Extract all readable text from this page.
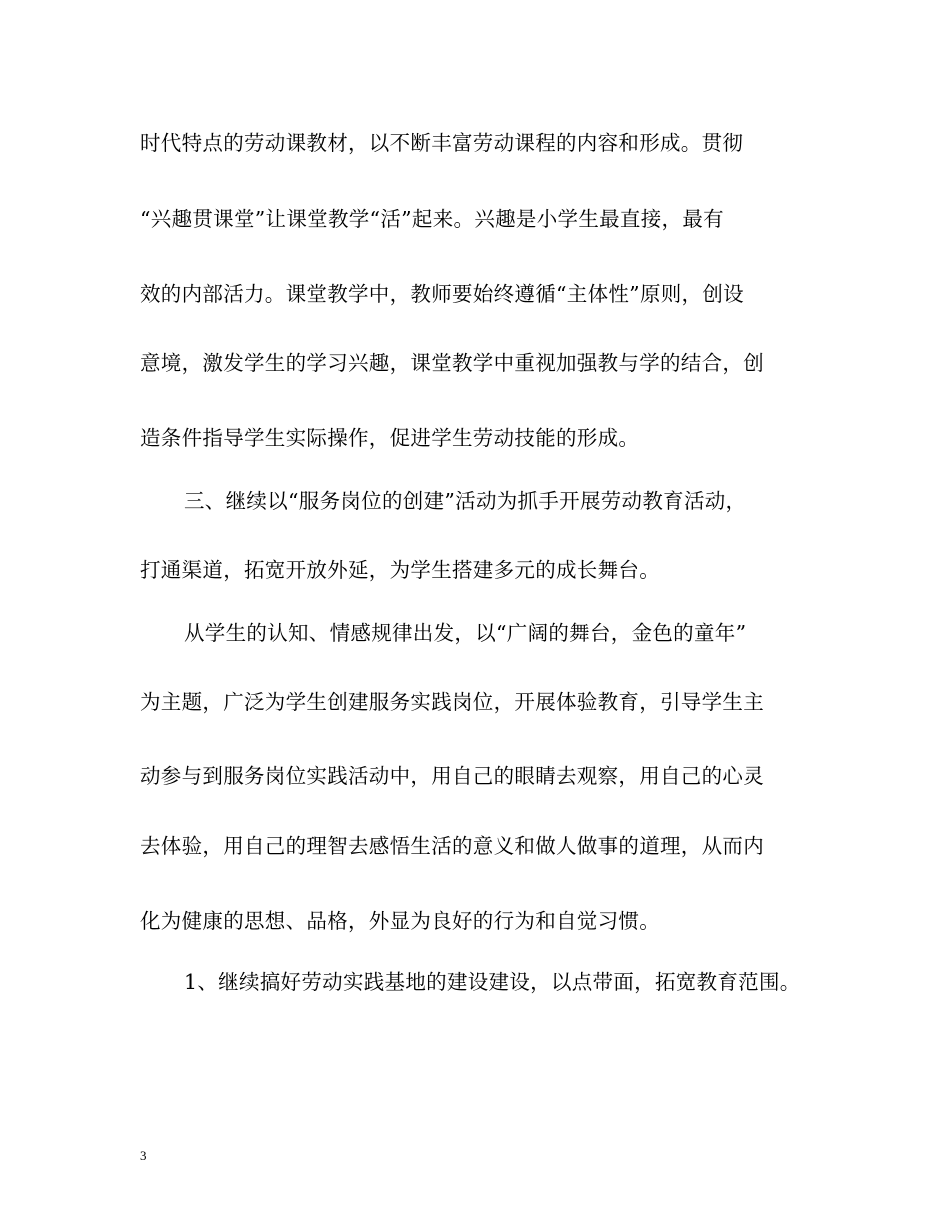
时代特点的劳动课教材，以不断丰富劳动课程的内容和形成。贯彻
“兴趣贯课堂”让课堂教学“活”起来。兴趣是小学生最直接，最有
效的内部活力。课堂教学中，教师要始终遵循“主体性”原则，创设
意境，激发学生的学习兴趣，课堂教学中重视加强教与学的结合，创
造条件指导学生实际操作，促进学生劳动技能的形成。
三、继续以“服务岗位的创建”活动为抓手开展劳动教育活动，
打通渠道，拓宽开放外延，为学生搭建多元的成长舞台。
从学生的认知、情感规律出发，以“广阔的舞台，金色的童年”
为主题，广泛为学生创建服务实践岗位，开展体验教育，引导学生主
动参与到服务岗位实践活动中，用自己的眼睛去观察，用自己的心灵
去体验，用自己的理智去感悟生活的意义和做人做事的道理，从而内
化为健康的思想、品格，外显为良好的行为和自觉习惯。
1、继续搞好劳动实践基地的建设建设，以点带面，拓宽教育范围。
3
